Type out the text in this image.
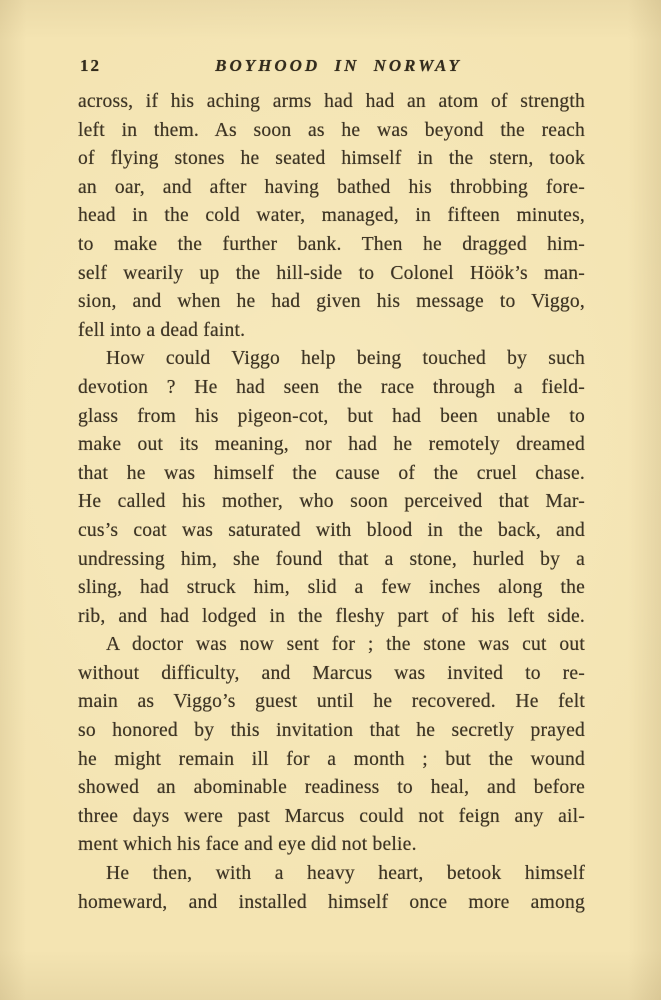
12	BOYHOOD IN NORWAY
across, if his aching arms had had an atom of strength
left in them. As soon as he was beyond the reach
of flying stones he seated himself in the stern, took
an oar, and after having bathed his throbbing fore-
head in the cold water, managed, in fifteen minutes,
to make the further bank. Then he dragged him-
self wearily up the hill-side to Colonel Höök’s man-
sion, and when he had given his message to Viggo,
fell into a dead faint.
How could Viggo help being touched by such
devotion ? He had seen the race through a field-
glass from his pigeon-cot, but had been unable to
make out its meaning, nor had he remotely dreamed
that he was himself the cause of the cruel chase.
He called his mother, who soon perceived that Mar-
cus’s coat was saturated with blood in the back, and
undressing him, she found that a stone, hurled by a
sling, had struck him, slid a few inches along the
rib, and had lodged in the fleshy part of his left side.
A doctor was now sent for ; the stone was cut out
without difficulty, and Marcus was invited to re-
main as Viggo’s guest until he recovered. He felt
so honored by this invitation that he secretly prayed
he might remain ill for a month ; but the wound
showed an abominable readiness to heal, and before
three days were past Marcus could not feign any ail-
ment which his face and eye did not belie.
He then, with a heavy heart, betook himself
homeward, and installed himself once more among
